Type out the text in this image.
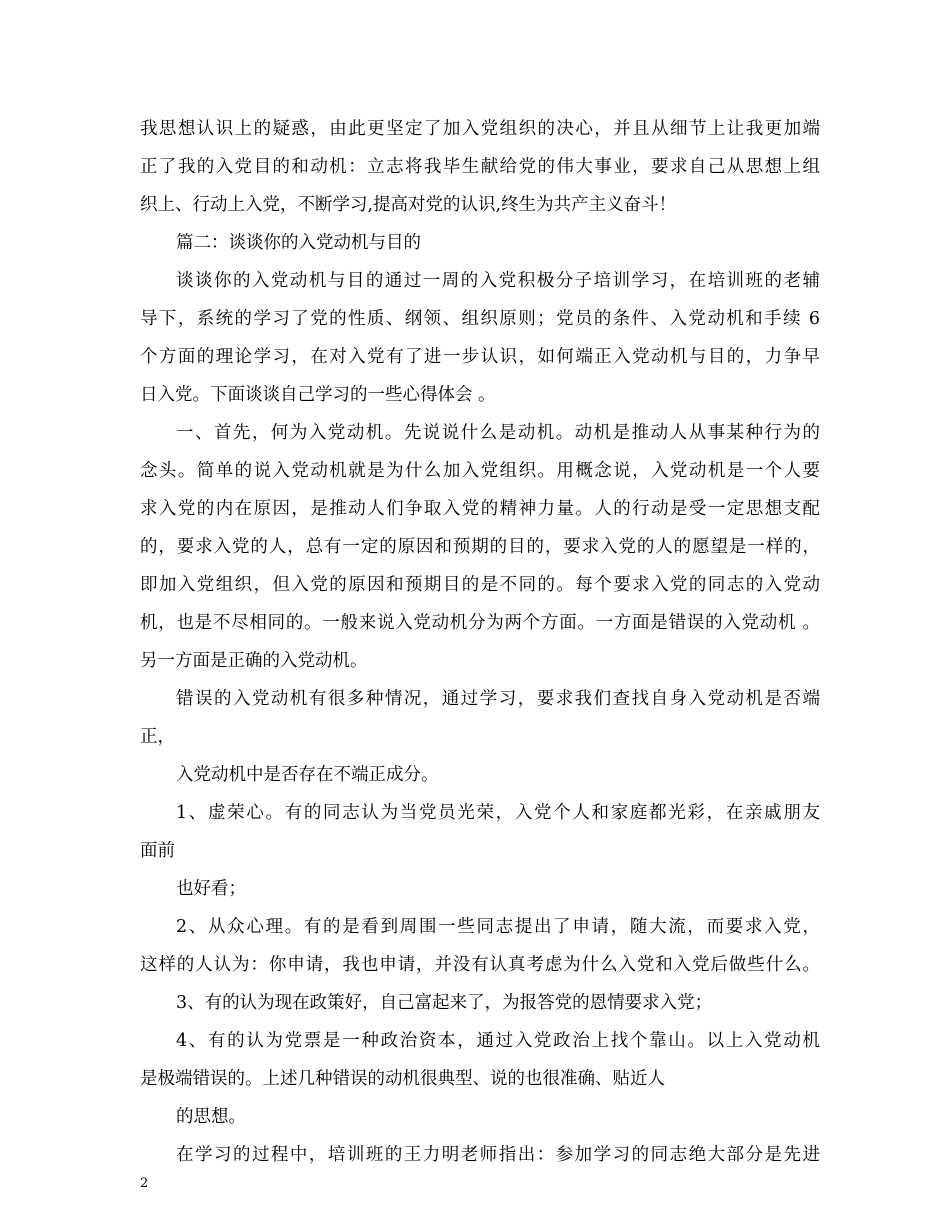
我思想认识上的疑惑，由此更坚定了加入党组织的决心，并且从细节上让我更加端
正了我的入党目的和动机：立志将我毕生献给党的伟大事业，要求自己从思想上组
织上、行动上入党，不断学习,提高对党的认识,终生为共产主义奋斗！
篇二：谈谈你的入党动机与目的
谈谈你的入党动机与目的通过一周的入党积极分子培训学习，在培训班的老辅
导下，系统的学习了党的性质、纲领、组织原则；党员的条件、入党动机和手续 6
个方面的理论学习，在对入党有了进一步认识，如何端正入党动机与目的，力争早
日入党。下面谈谈自己学习的一些心得体会 。
一、首先，何为入党动机。先说说什么是动机。动机是推动人从事某种行为的
念头。简单的说入党动机就是为什么加入党组织。用概念说，入党动机是一个人要
求入党的内在原因，是推动人们争取入党的精神力量。人的行动是受一定思想支配
的，要求入党的人，总有一定的原因和预期的目的，要求入党的人的愿望是一样的，
即加入党组织，但入党的原因和预期目的是不同的。每个要求入党的同志的入党动
机，也是不尽相同的。一般来说入党动机分为两个方面。一方面是错误的入党动机 。
另一方面是正确的入党动机。
错误的入党动机有很多种情况，通过学习，要求我们查找自身入党动机是否端
正，
入党动机中是否存在不端正成分。
1、虚荣心。有的同志认为当党员光荣，入党个人和家庭都光彩，在亲戚朋友
面前
也好看；
2、从众心理。有的是看到周围一些同志提出了申请，随大流，而要求入党，
这样的人认为：你申请，我也申请，并没有认真考虑为什么入党和入党后做些什么。
3、有的认为现在政策好，自己富起来了，为报答党的恩情要求入党；
4、有的认为党票是一种政治资本，通过入党政治上找个靠山。以上入党动机
是极端错误的。上述几种错误的动机很典型、说的也很准确、贴近人
的思想。
在学习的过程中，培训班的王力明老师指出：参加学习的同志绝大部分是先进
2
